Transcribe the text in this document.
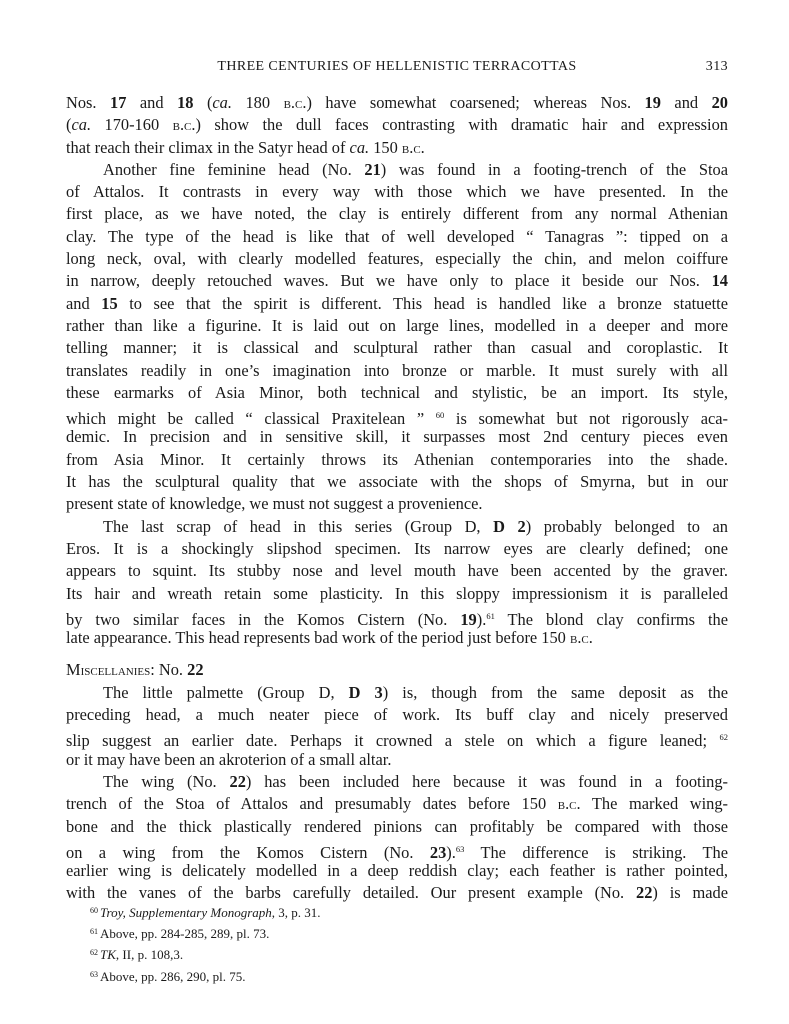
THREE CENTURIES OF HELLENISTIC TERRACOTTAS	313
Nos. 17 and 18 (ca. 180 b.c.) have somewhat coarsened; whereas Nos. 19 and 20
(ca. 170-160 b.c.) show the dull faces contrasting with dramatic hair and expression
that reach their climax in the Satyr head of ca. 150 b.c.
Another fine feminine head (No. 21) was found in a footing-trench of the Stoa
of Attalos. It contrasts in every way with those which we have presented. In the
first place, as we have noted, the clay is entirely different from any normal Athenian
clay. The type of the head is like that of well developed “ Tanagras ”: tipped on a
long neck, oval, with clearly modelled features, especially the chin, and melon coiffure
in narrow, deeply retouched waves. But we have only to place it beside our Nos. 14
and 15 to see that the spirit is different. This head is handled like a bronze statuette
rather than like a figurine. It is laid out on large lines, modelled in a deeper and more
telling manner; it is classical and sculptural rather than casual and coroplastic. It
translates readily in one’s imagination into bronze or marble. It must surely with all
these earmarks of Asia Minor, both technical and stylistic, be an import. Its style,
which might be called “ classical Praxitelean ” $^{60}$ is somewhat but not rigorously aca-
demic. In precision and in sensitive skill, it surpasses most 2nd century pieces even
from Asia Minor. It certainly throws its Athenian contemporaries into the shade.
It has the sculptural quality that we associate with the shops of Smyrna, but in our
present state of knowledge, we must not suggest a provenience.
The last scrap of head in this series (Group D, D 2) probably belonged to an
Eros. It is a shockingly slipshod specimen. Its narrow eyes are clearly defined; one
appears to squint. Its stubby nose and level mouth have been accented by the graver.
Its hair and wreath retain some plasticity. In this sloppy impressionism it is paralleled
by two similar faces in the Komos Cistern (No. 19).$^{61}$ The blond clay confirms the
late appearance. This head represents bad work of the period just before 150 b.c.
Miscellanies: No. 22
The little palmette (Group D, D 3) is, though from the same deposit as the
preceding head, a much neater piece of work. Its buff clay and nicely preserved
slip suggest an earlier date. Perhaps it crowned a stele on which a figure leaned; $^{62}$
or it may have been an akroterion of a small altar.
The wing (No. 22) has been included here because it was found in a footing-
trench of the Stoa of Attalos and presumably dates before 150 b.c. The marked wing-
bone and the thick plastically rendered pinions can profitably be compared with those
on a wing from the Komos Cistern (No. 23).$^{63}$ The difference is striking. The
earlier wing is delicately modelled in a deep reddish clay; each feather is rather pointed,
with the vanes of the barbs carefully detailed. Our present example (No. 22) is made
$^{60}$ Troy, Supplementary Monograph, 3, p. 31.
$^{61}$ Above, pp. 284-285, 289, pl. 73.
$^{62}$ TK, II, p. 108,3.
$^{63}$ Above, pp. 286, 290, pl. 75.
